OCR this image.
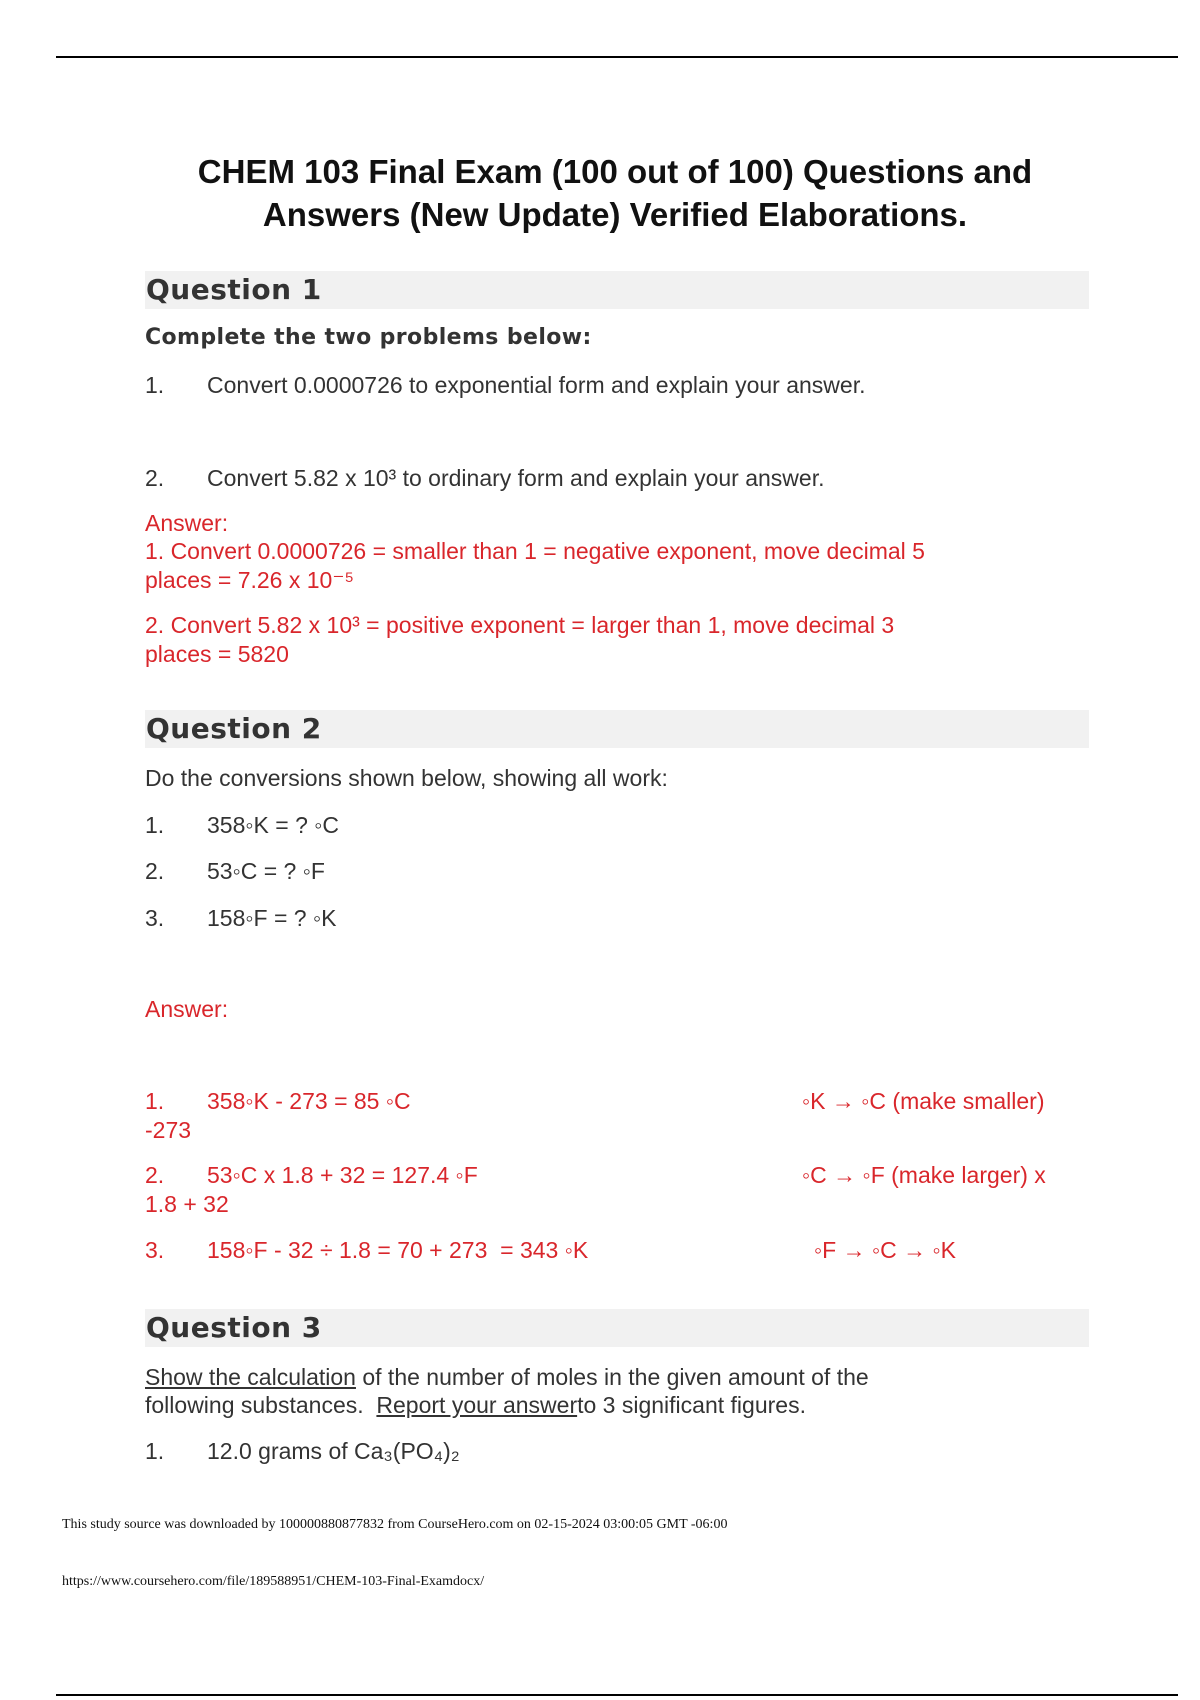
CHEM 103 Final Exam (100 out of 100) Questions and
Answers (New Update) Verified Elaborations.
Question 1
Complete the two problems below:
1. Convert 0.0000726 to exponential form and explain your answer.
2. Convert 5.82 x 10³ to ordinary form and explain your answer.
Answer:
1. Convert 0.0000726 = smaller than 1 = negative exponent, move decimal 5
places = 7.26 x 10⁻⁵
2. Convert 5.82 x 10³ = positive exponent = larger than 1, move decimal 3
places = 5820
Question 2
Do the conversions shown below, showing all work:
1. 358◦K = ? ◦C
2. 53◦C = ? ◦F
3. 158◦F = ? ◦K
Answer:
1. 358◦K - 273 = 85 ◦C
-273
◦K → ◦C (make smaller)
2. 53◦C x 1.8 + 32 = 127.4 ◦F
1.8 + 32
◦C → ◦F (make larger) x
3. 158◦F - 32 ÷ 1.8 = 70 + 273  = 343 ◦K	◦F → ◦C → ◦K
Question 3
Show the calculation of the number of moles in the given amount of the
following substances.  Report your answerto 3 significant figures.
1. 12.0 grams of Ca₃(PO₄)₂
This study source was downloaded by 100000880877832 from CourseHero.com on 02-15-2024 03:00:05 GMT -06:00
https://www.coursehero.com/file/189588951/CHEM-103-Final-Examdocx/
